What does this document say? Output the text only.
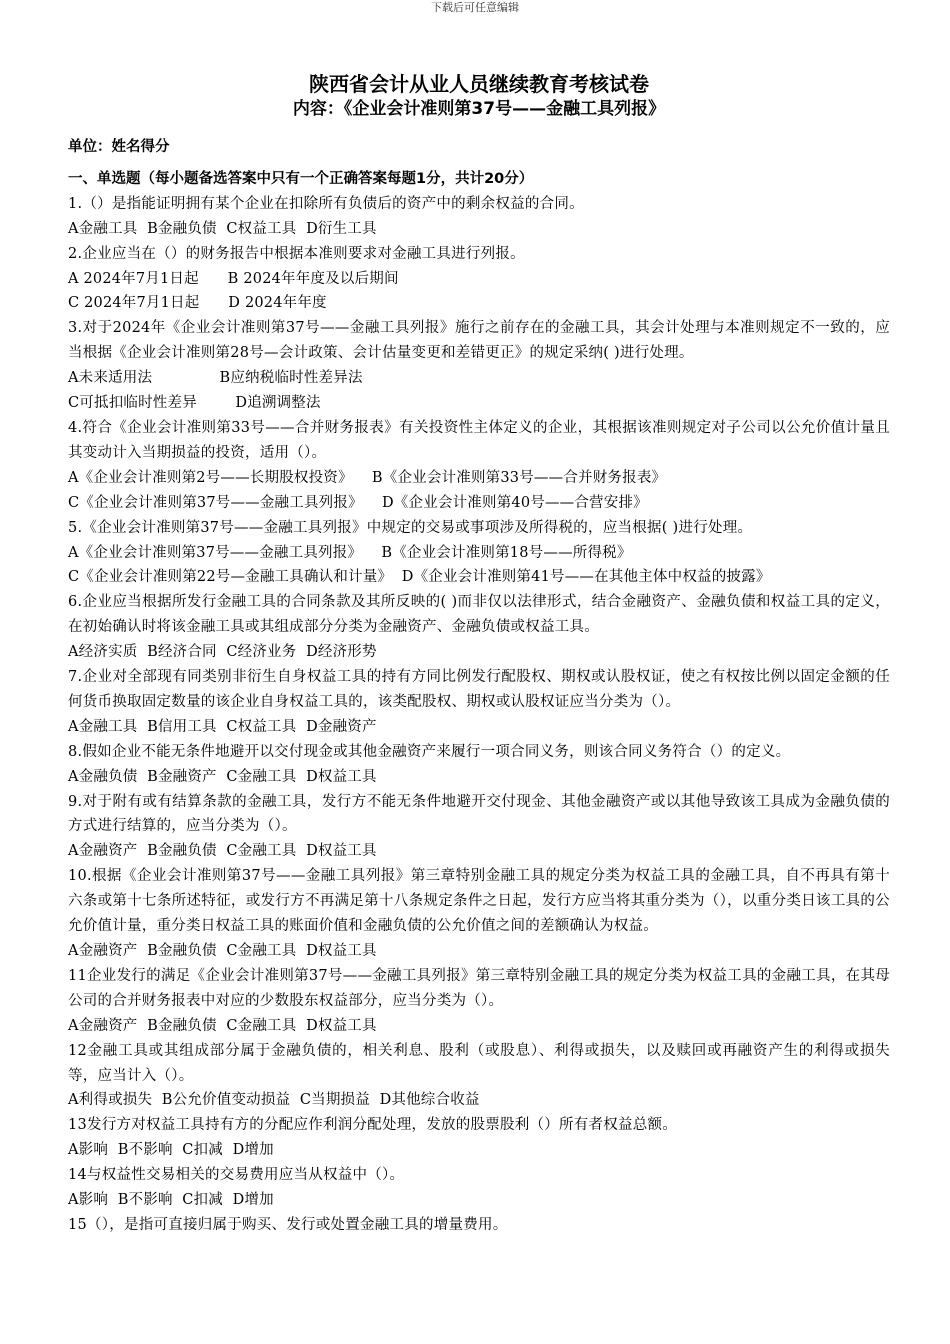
下载后可任意编辑
陕西省会计从业人员继续教育考核试卷
内容：《企业会计准则第37号——金融工具列报》
单位：姓名得分
一、单选题（每小题备选答案中只有一个正确答案每题1分，共计20分）

1.（）是指能证明拥有某个企业在扣除所有负债后的资产中的剩余权益的合同。

A金融工具  B金融负债  C权益工具  D衍生工具

2.企业应当在（）的财务报告中根据本准则要求对金融工具进行列报。

A 2024年7月1日起      B 2024年年度及以后期间
C 2024年7月1日起      D 2024年年度

3.对于2024年《企业会计准则第37号——金融工具列报》施行之前存在的金融工具，其会计处理与本准则规定不一致的，应当根据《企业会计准则第28号—会计政策、会计估量变更和差错更正》的规定采纳( )进行处理。

A未来适用法              B应纳税临时性差异法
C可抵扣临时性差异        D追溯调整法

4.符合《企业会计准则第33号——合并财务报表》有关投资性主体定义的企业，其根据该准则规定对子公司以公允价值计量且其变动计入当期损益的投资，适用（）。

A《企业会计准则第2号——长期股权投资》    B《企业会计准则第33号——合并财务报表》
C《企业会计准则第37号——金融工具列报》    D《企业会计准则第40号——合营安排》

5.《企业会计准则第37号——金融工具列报》中规定的交易或事项涉及所得税的，应当根据( )进行处理。

A《企业会计准则第37号——金融工具列报》    B《企业会计准则第18号——所得税》
C《企业会计准则第22号—金融工具确认和计量》  D《企业会计准则第41号——在其他主体中权益的披露》

6.企业应当根据所发行金融工具的合同条款及其所反映的( )而非仅以法律形式，结合金融资产、金融负债和权益工具的定义，在初始确认时将该金融工具或其组成部分分类为金融资产、金融负债或权益工具。

A经济实质  B经济合同  C经济业务  D经济形势

7.企业对全部现有同类别非衍生自身权益工具的持有方同比例发行配股权、期权或认股权证，使之有权按比例以固定金额的任何货币换取固定数量的该企业自身权益工具的，该类配股权、期权或认股权证应当分类为（）。

A金融工具  B信用工具  C权益工具  D金融资产

8.假如企业不能无条件地避开以交付现金或其他金融资产来履行一项合同义务，则该合同义务符合（）的定义。

A金融负债  B金融资产  C金融工具  D权益工具

9.对于附有或有结算条款的金融工具，发行方不能无条件地避开交付现金、其他金融资产或以其他导致该工具成为金融负债的方式进行结算的，应当分类为（）。

A金融资产  B金融负债  C金融工具  D权益工具

10.根据《企业会计准则第37号——金融工具列报》第三章特别金融工具的规定分类为权益工具的金融工具，自不再具有第十六条或第十七条所述特征，或发行方不再满足第十八条规定条件之日起，发行方应当将其重分类为（），以重分类日该工具的公允价值计量，重分类日权益工具的账面价值和金融负债的公允价值之间的差额确认为权益。

A金融资产  B金融负债  C金融工具  D权益工具

11企业发行的满足《企业会计准则第37号——金融工具列报》第三章特别金融工具的规定分类为权益工具的金融工具，在其母公司的合并财务报表中对应的少数股东权益部分，应当分类为（）。

A金融资产  B金融负债  C金融工具  D权益工具

12金融工具或其组成部分属于金融负债的，相关利息、股利（或股息）、利得或损失，以及赎回或再融资产生的利得或损失等，应当计入（）。

A利得或损失  B公允价值变动损益  C当期损益  D其他综合收益

13发行方对权益工具持有方的分配应作利润分配处理，发放的股票股利（）所有者权益总额。

A影响  B不影响  C扣减  D增加

14与权益性交易相关的交易费用应当从权益中（）。

A影响  B不影响  C扣减  D增加

15（），是指可直接归属于购买、发行或处置金融工具的增量费用。
